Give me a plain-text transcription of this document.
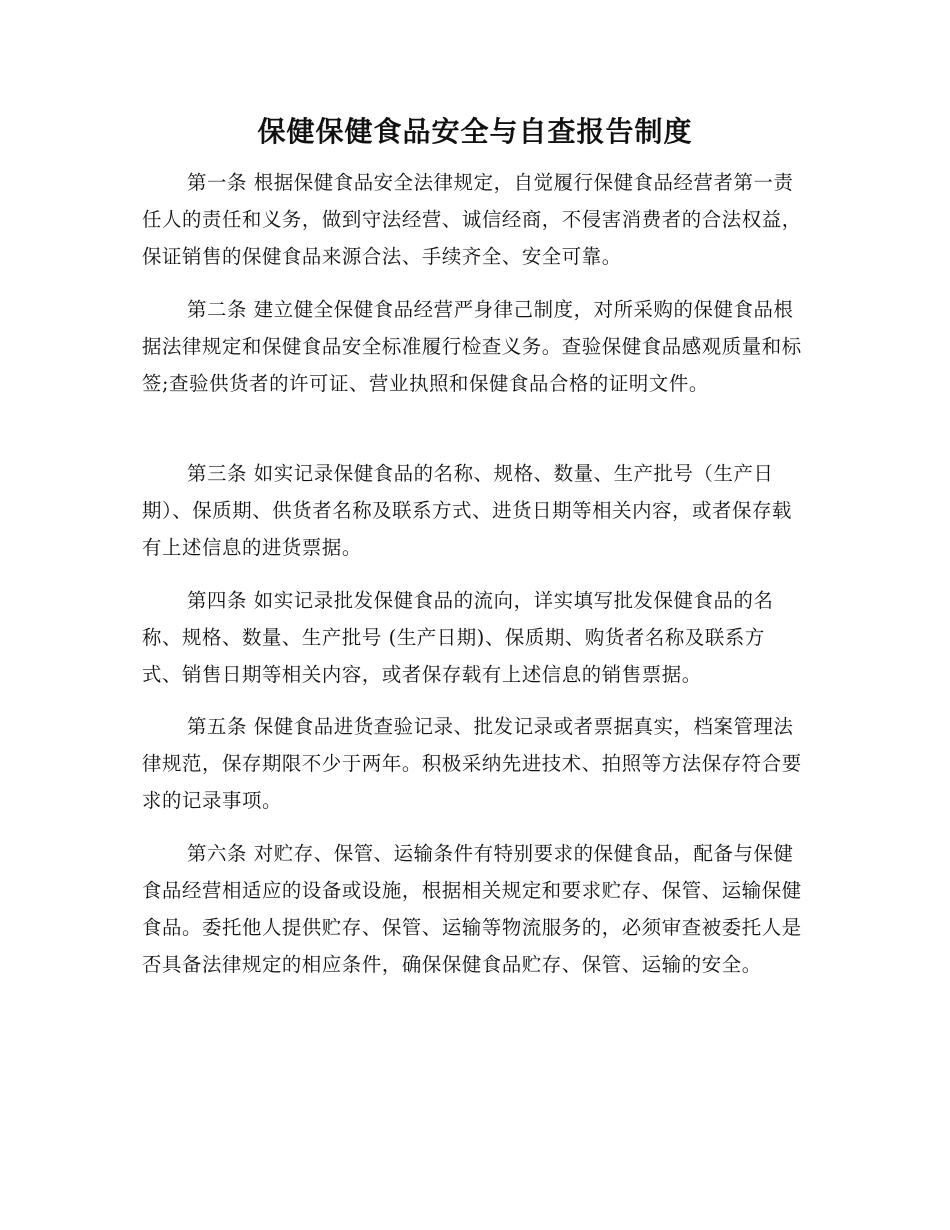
保健保健食品安全与自查报告制度

第一条 根据保健食品安全法律规定，自觉履行保健食品经营者第一责任人的责任和义务，做到守法经营、诚信经商，不侵害消费者的合法权益，保证销售的保健食品来源合法、手续齐全、安全可靠。

第二条 建立健全保健食品经营严身律己制度，对所采购的保健食品根据法律规定和保健食品安全标准履行检查义务。查验保健食品感观质量和标签;查验供货者的许可证、营业执照和保健食品合格的证明文件。

第三条 如实记录保健食品的名称、规格、数量、生产批号（生产日期）、保质期、供货者名称及联系方式、进货日期等相关内容，或者保存载有上述信息的进货票据。

第四条 如实记录批发保健食品的流向，详实填写批发保健食品的名称、规格、数量、生产批号 (生产日期)、保质期、购货者名称及联系方式、销售日期等相关内容，或者保存载有上述信息的销售票据。

第五条 保健食品进货查验记录、批发记录或者票据真实，档案管理法律规范，保存期限不少于两年。积极采纳先进技术、拍照等方法保存符合要求的记录事项。

第六条 对贮存、保管、运输条件有特别要求的保健食品，配备与保健食品经营相适应的设备或设施，根据相关规定和要求贮存、保管、运输保健食品。委托他人提供贮存、保管、运输等物流服务的，必须审查被委托人是否具备法律规定的相应条件，确保保健食品贮存、保管、运输的安全。
